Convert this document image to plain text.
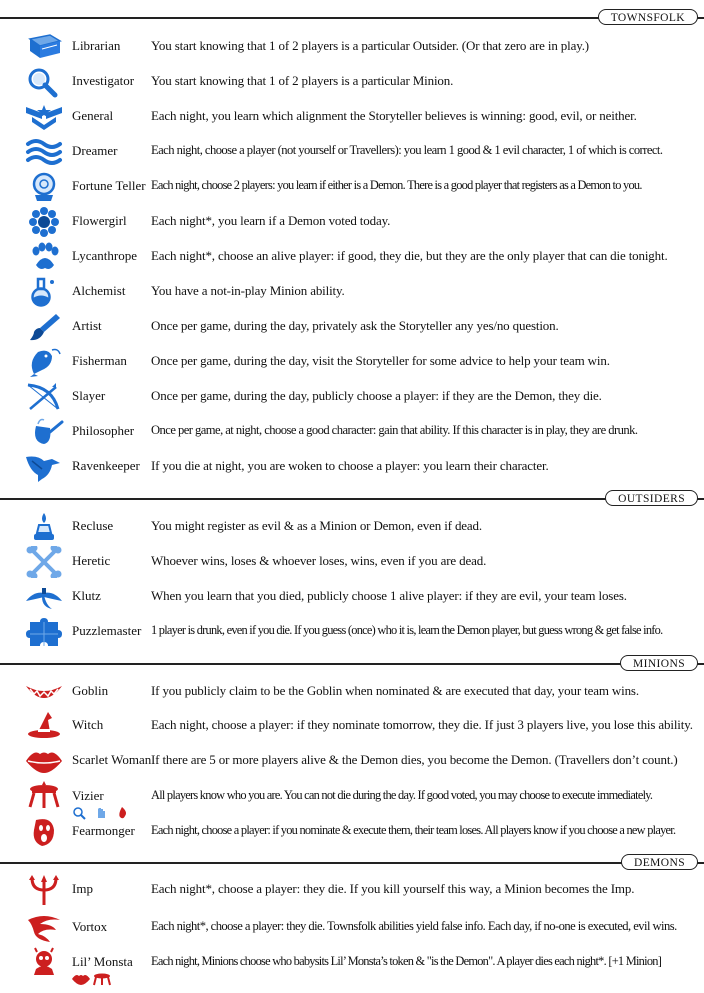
TOWNSFOLK
Librarian You start knowing that 1 of 2 players is a particular Outsider. (Or that zero are in play.)
Investigator You start knowing that 1 of 2 players is a particular Minion.
General	Each night, you learn which alignment the Storyteller believes is winning: good, evil, or neither.
Dreamer	Each night, choose a player (not yourself or Travellers): you learn 1 good & 1 evil character, 1 of which is correct.
Fortune Teller Each night, choose 2 players: you learn if either is a Demon. There is a good player that registers as a Demon to you.
Flowergirl Each night*, you learn if a Demon voted today.
Lycanthrope Each night*, choose an alive player: if good, they die, but they are the only player that can die tonight.
Alchemist You have a not-in-play Minion ability.
Artist	Once per game, during the day, privately ask the Storyteller any yes/no question.
Fisherman Once per game, during the day, visit the Storyteller for some advice to help your team win.
Slayer	Once per game, during the day, publicly choose a player: if they are the Demon, they die.
Philosopher Once per game, at night, choose a good character: gain that ability. If this character is in play, they are drunk.
Ravenkeeper If you die at night, you are woken to choose a player: you learn their character.
OUTSIDERS
Recluse	You might register as evil & as a Minion or Demon, even if dead.
Heretic	Whoever wins, loses & whoever loses, wins, even if you are dead.
Klutz	When you learn that you died, publicly choose 1 alive player: if they are evil, your team loses.
Puzzlemaster 1 player is drunk, even if you die. If you guess (once) who it is, learn the Demon player, but guess wrong & get false info.
MINIONS
Goblin	If you publicly claim to be the Goblin when nominated & are executed that day, your team wins.
Witch	Each night, choose a player: if they nominate tomorrow, they die. If just 3 players live, you lose this ability.
Scarlet Woman If there are 5 or more players alive & the Demon dies, you become the Demon. (Travellers don’t count.)
Vizier	All players know who you are. You can not die during the day. If good voted, you may choose to execute immediately.
Fearmonger Each night, choose a player: if you nominate & execute them, their team loses. All players know if you choose a new player.
DEMONS
Imp	Each night*, choose a player: they die. If you kill yourself this way, a Minion becomes the Imp.
Vortox	Each night*, choose a player: they die. Townsfolk abilities yield false info. Each day, if no-one is executed, evil wins.
Lil’ Monsta Each night, Minions choose who babysits Lil’ Monsta’s token & "is the Demon". A player dies each night*. [+1 Minion]
